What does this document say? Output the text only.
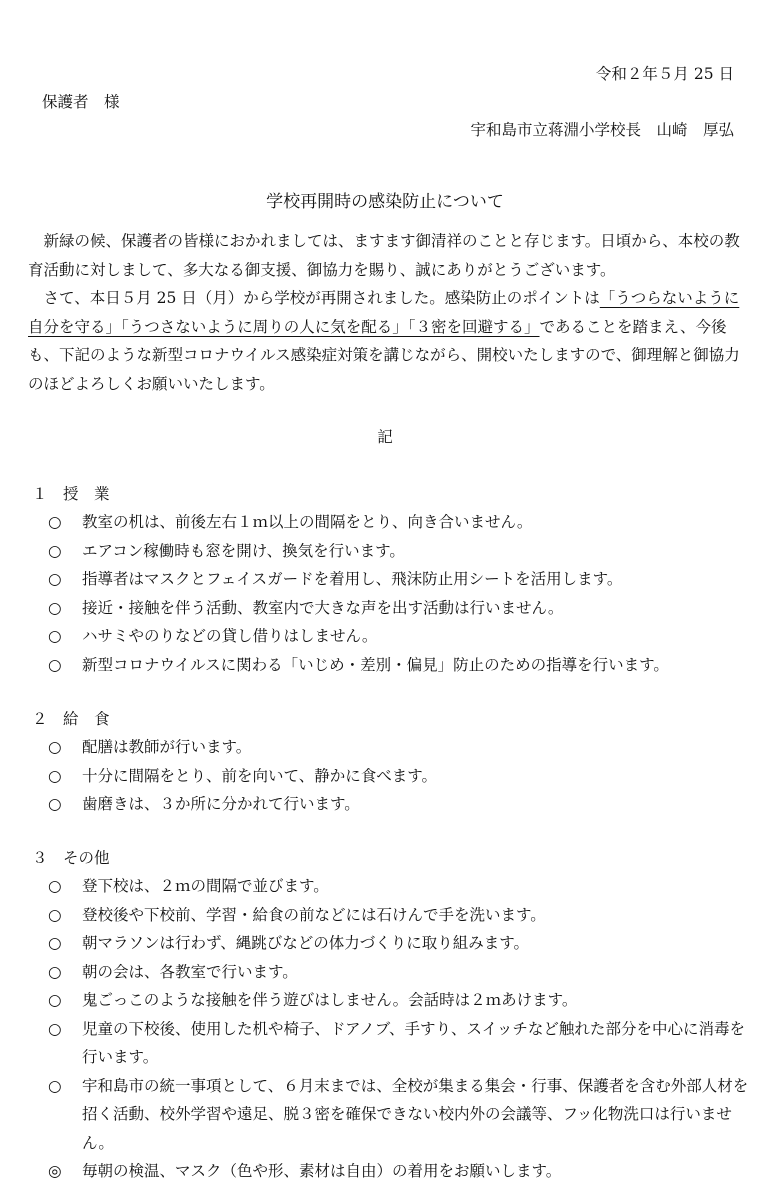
令和２年５月 25 日
保護者　様
宇和島市立蒋淵小学校長　山崎　厚弘
学校再開時の感染防止について

新緑の候、保護者の皆様におかれましては、ますます御清祥のことと存じます。日頃から、本校の教育活動に対しまして、多大なる御支援、御協力を賜り、誠にありがとうございます。

さて、本日５月 25 日（月）から学校が再開されました。感染防止のポイントは「うつらないように自分を守る」「うつさないように周りの人に気を配る」「３密を回避する」であることを踏まえ、今後も、下記のような新型コロナウイルス感染症対策を講じながら、開校いたしますので、御理解と御協力のほどよろしくお願いいたします。

記
１　授　業
○	教室の机は、前後左右１ｍ以上の間隔をとり、向き合いません。
○	エアコン稼働時も窓を開け、換気を行います。
○	指導者はマスクとフェイスガードを着用し、飛沫防止用シートを活用します。
○	接近・接触を伴う活動、教室内で大きな声を出す活動は行いません。
○	ハサミやのりなどの貸し借りはしません。
○	新型コロナウイルスに関わる「いじめ・差別・偏見」防止のための指導を行います。
２　給　食
○	配膳は教師が行います。
○	十分に間隔をとり、前を向いて、静かに食べます。
○	歯磨きは、３か所に分かれて行います。
３　その他
○	登下校は、２ｍの間隔で並びます。
○	登校後や下校前、学習・給食の前などには石けんで手を洗います。
○	朝マラソンは行わず、縄跳びなどの体力づくりに取り組みます。
○	朝の会は、各教室で行います。
○	鬼ごっこのような接触を伴う遊びはしません。会話時は２ｍあけます。
○	児童の下校後、使用した机や椅子、ドアノブ、手すり、スイッチなど触れた部分を中心に消毒を行います。
○	宇和島市の統一事項として、６月末までは、全校が集まる集会・行事、保護者を含む外部人材を招く活動、校外学習や遠足、脱３密を確保できない校内外の会議等、フッ化物洗口は行いません。
◎	毎朝の検温、マスク（色や形、素材は自由）の着用をお願いします。
